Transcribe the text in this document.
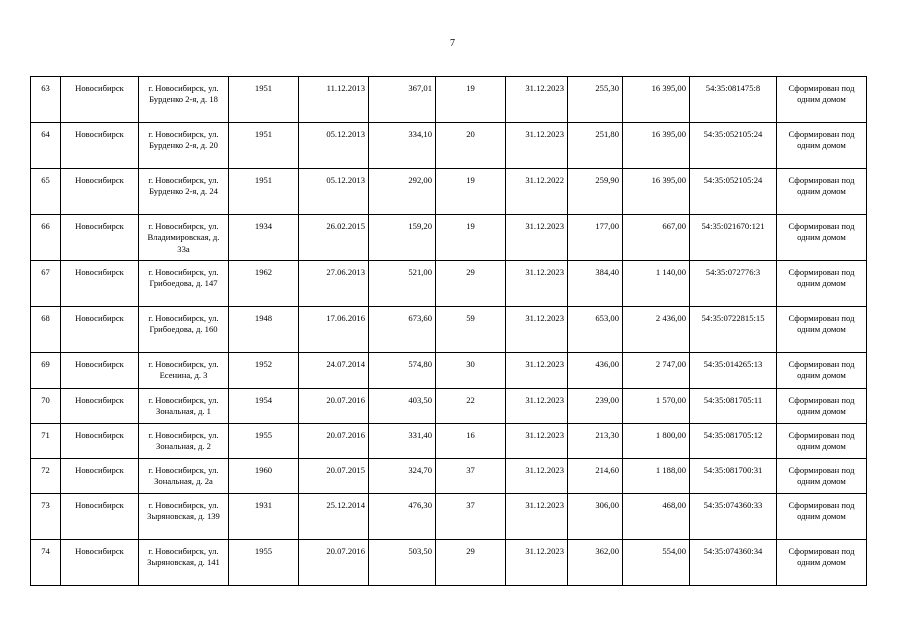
7
63	Новосибирск	г. Новосибирск, ул. Бурденко 2-я, д. 18	1951	11.12.2013	367,01	19	31.12.2023	255,30	16 395,00	54:35:081475:8	Сформирован под одним домом
64	Новосибирск	г. Новосибирск, ул. Бурденко 2-я, д. 20	1951	05.12.2013	334,10	20	31.12.2023	251,80	16 395,00	54:35:052105:24	Сформирован под одним домом
65	Новосибирск	г. Новосибирск, ул. Бурденко 2-я, д. 24	1951	05.12.2013	292,00	19	31.12.2022	259,90	16 395,00	54:35:052105:24	Сформирован под одним домом
66	Новосибирск	г. Новосибирск, ул. Владимировская, д. 33а	1934	26.02.2015	159,20	19	31.12.2023	177,00	667,00	54:35:021670:121	Сформирован под одним домом
67	Новосибирск	г. Новосибирск, ул. Грибоедова, д. 147	1962	27.06.2013	521,00	29	31.12.2023	384,40	1 140,00	54:35:072776:3	Сформирован под одним домом
68	Новосибирск	г. Новосибирск, ул. Грибоедова, д. 160	1948	17.06.2016	673,60	59	31.12.2023	653,00	2 436,00	54:35:0722815:15	Сформирован под одним домом
69	Новосибирск	г. Новосибирск, ул. Есенина, д. 3	1952	24.07.2014	574,80	30	31.12.2023	436,00	2 747,00	54:35:014265:13	Сформирован под одним домом
70	Новосибирск	г. Новосибирск, ул. Зональная, д. 1	1954	20.07.2016	403,50	22	31.12.2023	239,00	1 570,00	54:35:081705:11	Сформирован под одним домом
71	Новосибирск	г. Новосибирск, ул. Зональная, д. 2	1955	20.07.2016	331,40	16	31.12.2023	213,30	1 800,00	54:35:081705:12	Сформирован под одним домом
72	Новосибирск	г. Новосибирск, ул. Зональная, д. 2а	1960	20.07.2015	324,70	37	31.12.2023	214,60	1 188,00	54:35:081700:31	Сформирован под одним домом
73	Новосибирск	г. Новосибирск, ул. Зыряновская, д. 139	1931	25.12.2014	476,30	37	31.12.2023	306,00	468,00	54:35:074360:33	Сформирован под одним домом
74	Новосибирск	г. Новосибирск, ул. Зыряновская, д. 141	1955	20.07.2016	503,50	29	31.12.2023	362,00	554,00	54:35:074360:34	Сформирован под одним домом
